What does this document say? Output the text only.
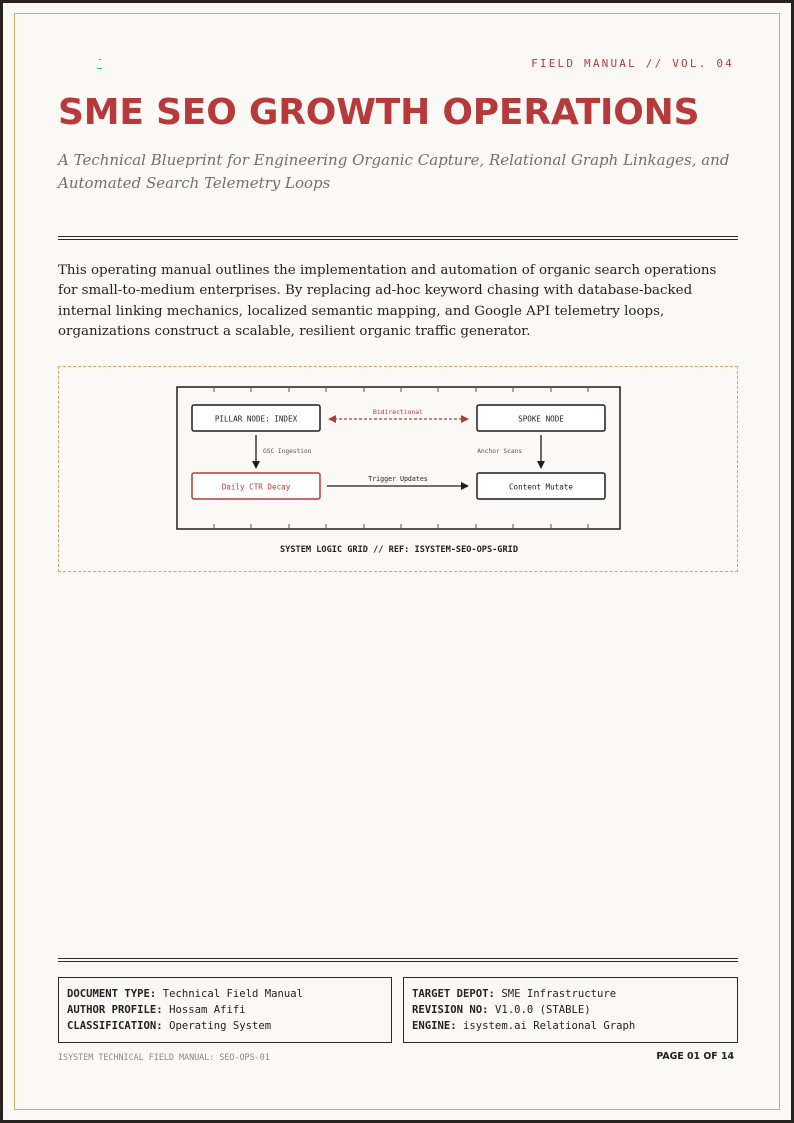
FIELD MANUAL // VOL. 04
SME SEO GROWTH OPERATIONS

A Technical Blueprint for Engineering Organic Capture, Relational Graph Linkages, and Automated Search Telemetry Loops

This operating manual outlines the implementation and automation of organic search operations for small-to-medium enterprises. By replacing ad-hoc keyword chasing with database-backed internal linking mechanics, localized semantic mapping, and Google API telemetry loops, organizations construct a scalable, resilient organic traffic generator.

PILLAR NODE: INDEX	SPOKE NODE
Daily CTR Decay	Content Mutate
Bidirectional
GSC Ingestion	Anchor Scans
Trigger Updates
SYSTEM LOGIC GRID // REF: ISYSTEM-SEO-OPS-GRID
DOCUMENT TYPE: Technical Field Manual
AUTHOR PROFILE: Hossam Afifi
CLASSIFICATION: Operating System
TARGET DEPOT: SME Infrastructure
REVISION NO: V1.0.0 (STABLE)
ENGINE: isystem.ai Relational Graph
ISYSTEM TECHNICAL FIELD MANUAL: SEO-OPS-01	PAGE 01 OF 14
